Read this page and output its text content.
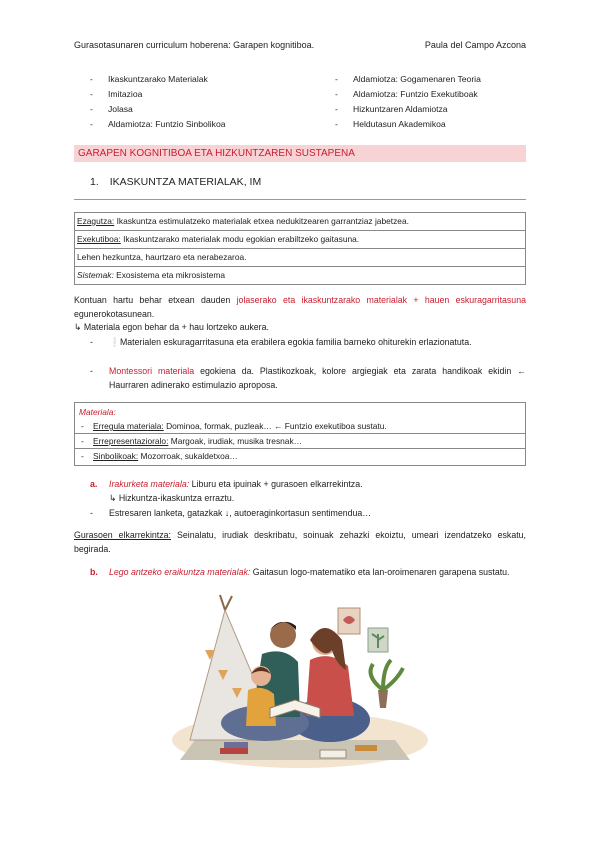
Gurasotasunaren curriculum hoberena: Garapen kognitiboa.	Paula del Campo Azcona
- Ikaskuntzarako Materialak
- Imitazioa
- Jolasa
- Aldamiotza: Funtzio Sinbolikoa
- Aldamiotza: Gogamenaren Teoria
- Aldamiotza: Funtzio Exekutiboak
- Hizkuntzaren Aldamiotza
- Heldutasun Akademikoa
GARAPEN KOGNITIBOA ETA HIZKUNTZAREN SUSTAPENA
1. IKASKUNTZA MATERIALAK, IM
Ezagutza: Ikaskuntza estimulatzeko materialak etxea nedukitzearen garrantziaz jabetzea.
Exekutiboa: Ikaskuntzarako materialak modu egokian erabiltzeko gaitasuna.
Lehen hezkuntza, haurtzaro eta nerabezaroa.
Sistemak: Exosistema eta mikrosistema
Kontuan hartu behar etxean dauden jolaserako eta ikaskuntzarako materialak + hauen eskuragarritasuna egunerokotasunean.
↳ Materiala egon behar da + hau lortzeko aukera.
- ❕Materialen eskuragarritasuna eta erabilera egokia familia barneko ohiturekin erlazionatuta.
- Montessori materiala egokiena da. Plastikozkoak, kolore argiegiak eta zarata handikoak ekidin ← Haurraren adinerako estimulazio aproposa.
Materiala:
- Erregula materiala: Dominoa, formak, puzleak… ← Funtzio exekutiboa sustatu.
- Errepresentazioralo: Margoak, irudiak, musika tresnak…
- Sinbolikoak: Mozorroak, sukaldetxoa…
a.	Irakurketa materiala: Liburu eta ipuinak + gurasoen elkarrekintza.
↳ Hizkuntza-ikaskuntza erraztu.
- Estresaren lanketa, gatazkak ↓, autoeraginkortasun sentimendua…
Gurasoen elkarrekintza: Seinalatu, irudiak deskribatu, soinuak zehazki ekoiztu, umeari izendatzeko eskatu, begirada.
b.	Lego antzeko eraikuntza materialak: Gaitasun logo-matematiko eta lan-oroimenaren garapena sustatu.
